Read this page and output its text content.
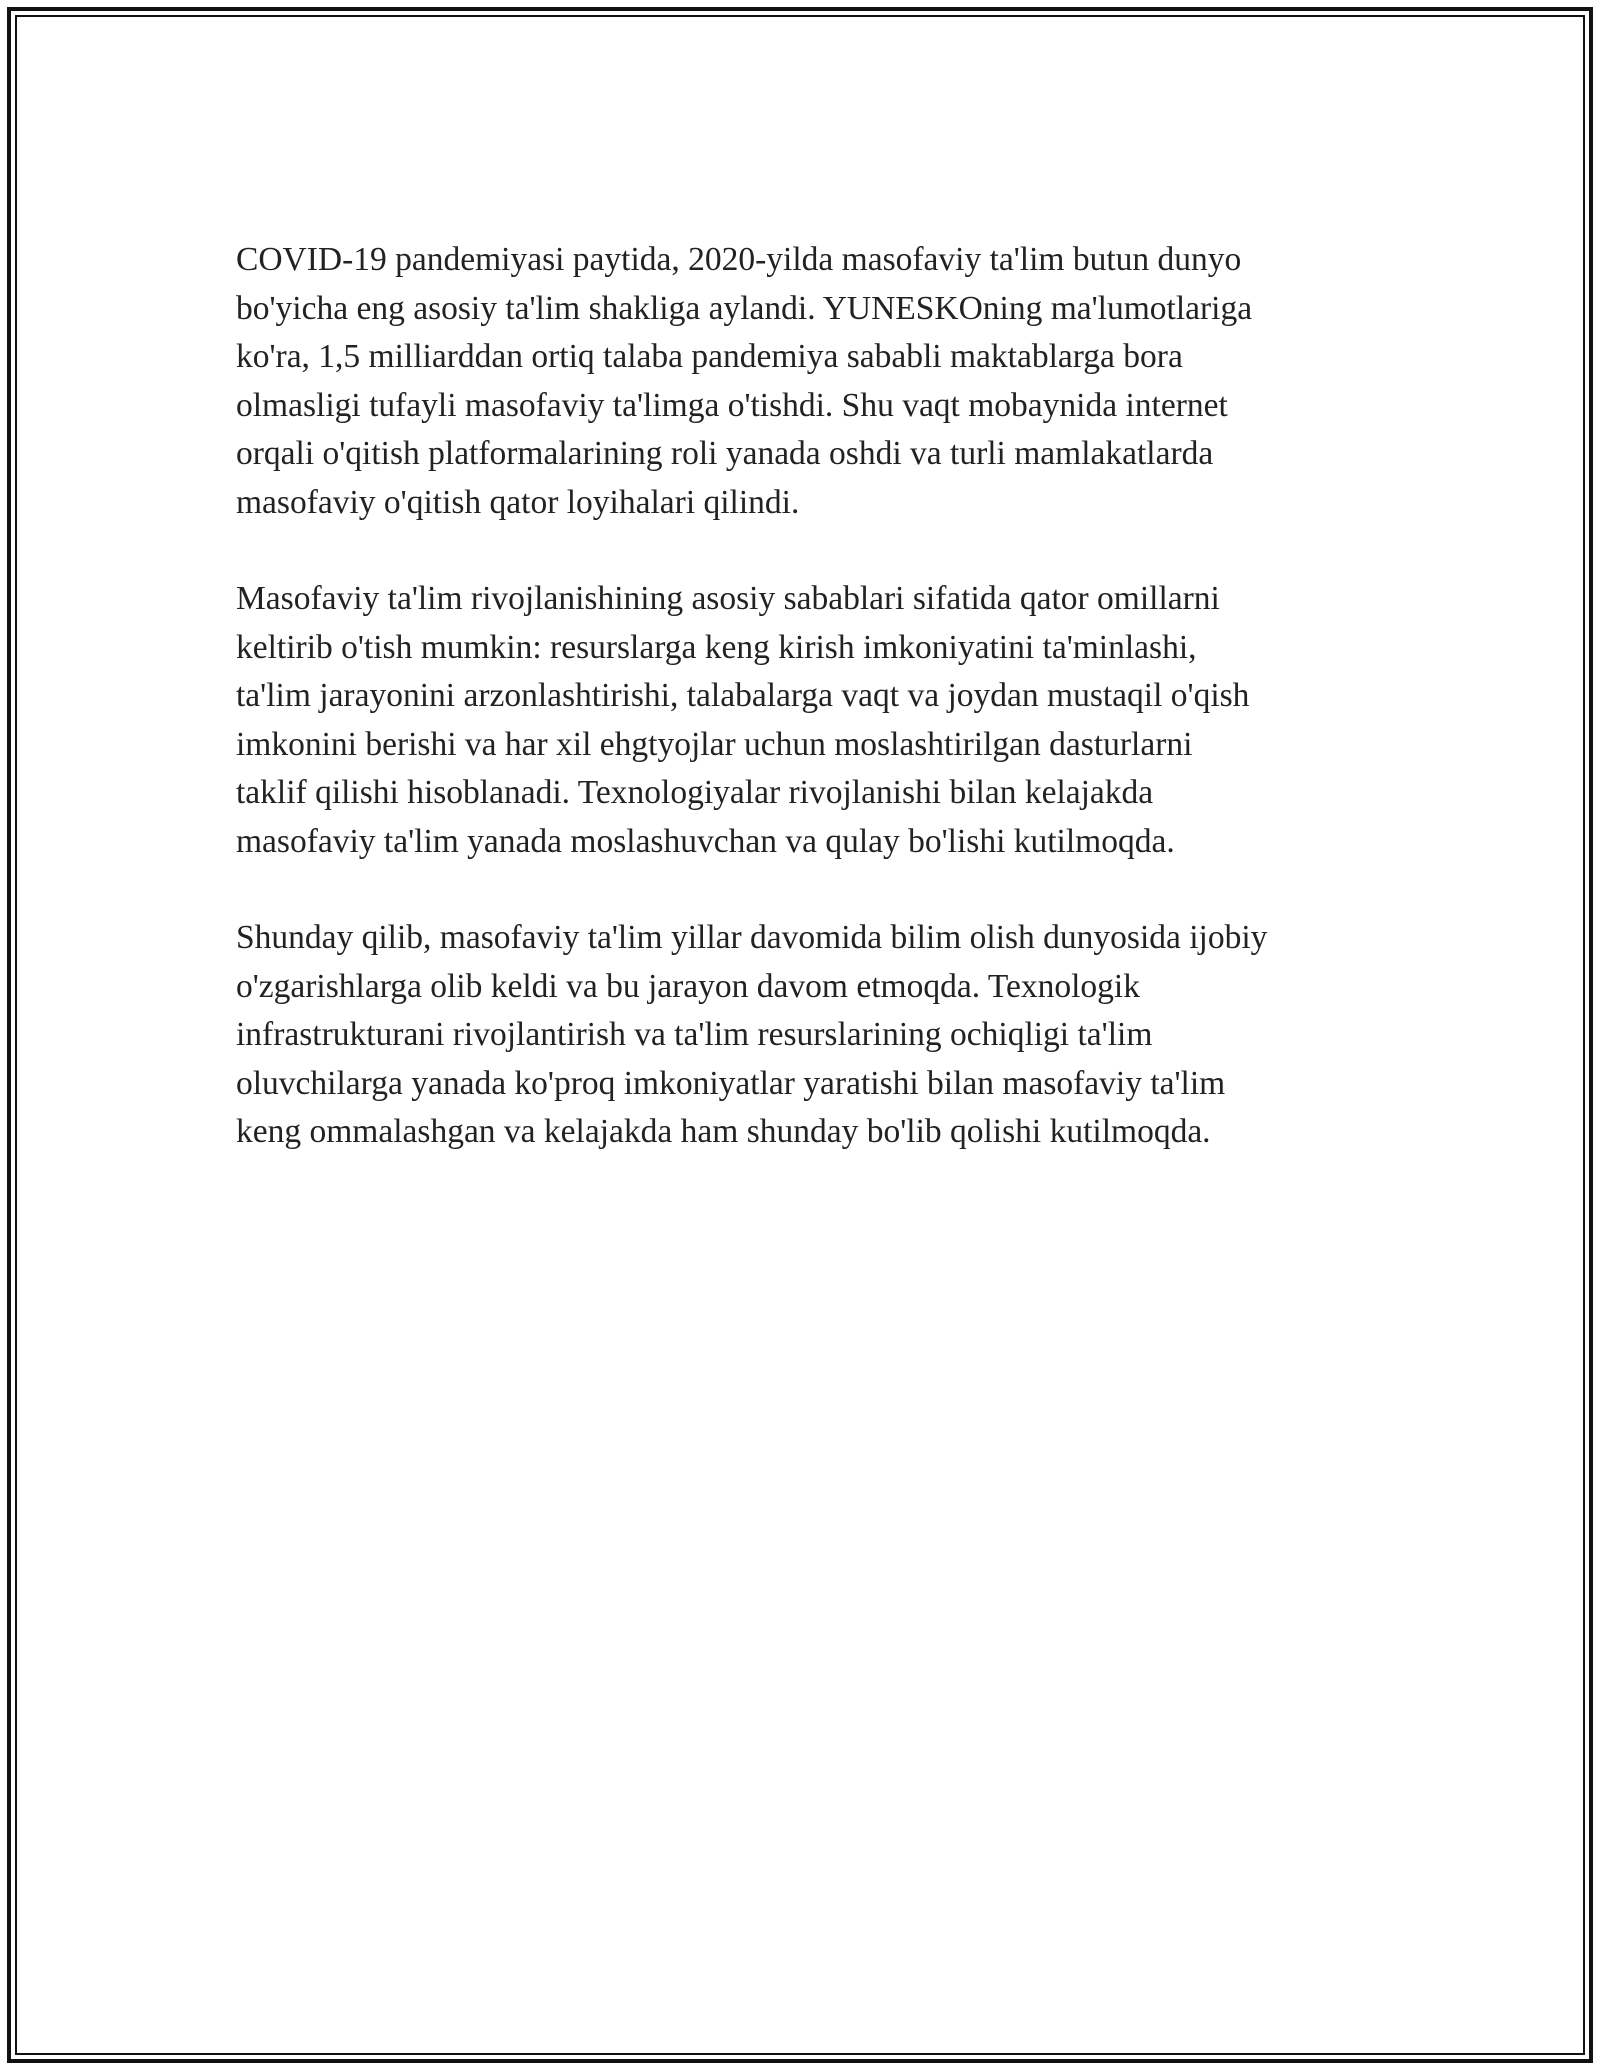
COVID-19 pandemiyasi paytida, 2020-yilda masofaviy ta'lim butun dunyo
bo'yicha eng asosiy ta'lim shakliga aylandi. YUNESKOning ma'lumotlariga
ko'ra, 1,5 milliarddan ortiq talaba pandemiya sababli maktablarga bora
olmasligi tufayli masofaviy ta'limga o'tishdi. Shu vaqt mobaynida internet
orqali o'qitish platformalarining roli yanada oshdi va turli mamlakatlarda
masofaviy o'qitish qator loyihalari qilindi.

Masofaviy ta'lim rivojlanishining asosiy sabablari sifatida qator omillarni
keltirib o'tish mumkin: resurslarga keng kirish imkoniyatini ta'minlashi,
ta'lim jarayonini arzonlashtirishi, talabalarga vaqt va joydan mustaqil o'qish
imkonini berishi va har xil ehgtyojlar uchun moslashtirilgan dasturlarni
taklif qilishi hisoblanadi. Texnologiyalar rivojlanishi bilan kelajakda
masofaviy ta'lim yanada moslashuvchan va qulay bo'lishi kutilmoqda.

Shunday qilib, masofaviy ta'lim yillar davomida bilim olish dunyosida ijobiy
o'zgarishlarga olib keldi va bu jarayon davom etmoqda. Texnologik
infrastrukturani rivojlantirish va ta'lim resurslarining ochiqligi ta'lim
oluvchilarga yanada ko'proq imkoniyatlar yaratishi bilan masofaviy ta'lim
keng ommalashgan va kelajakda ham shunday bo'lib qolishi kutilmoqda.
